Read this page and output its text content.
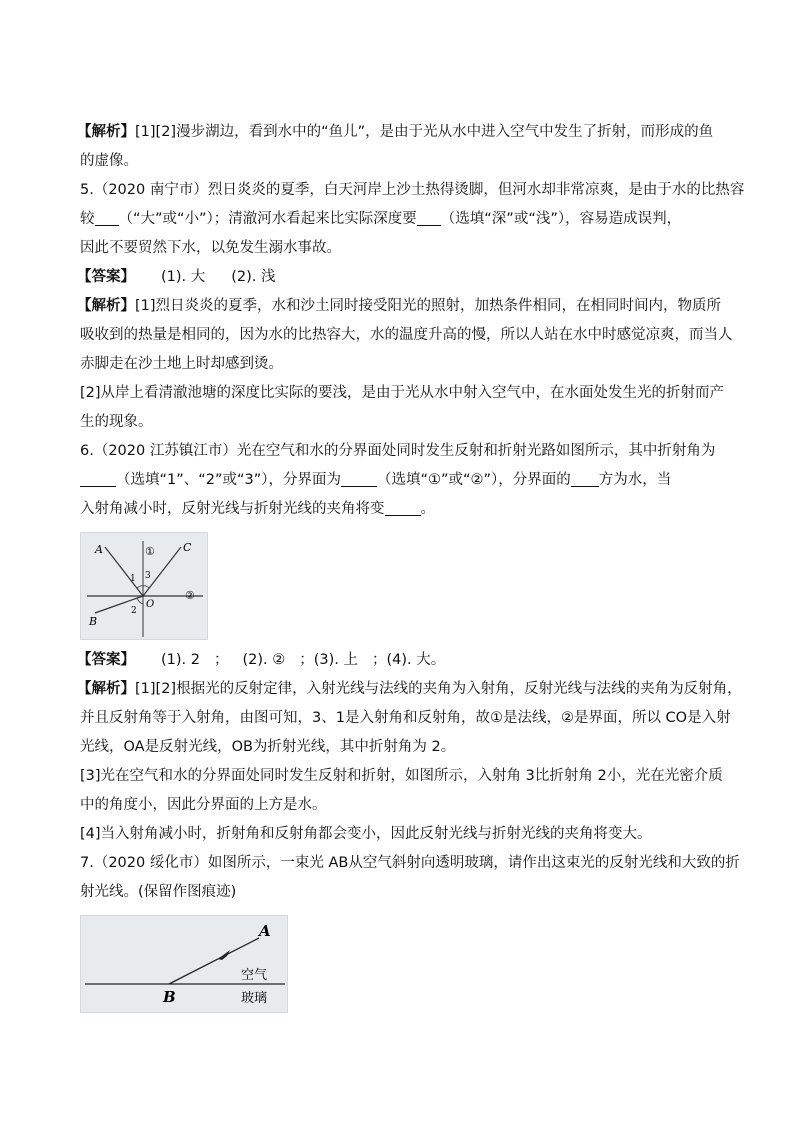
【解析】[1][2]漫步湖边，看到水中的“鱼儿”，是由于光从水中进入空气中发生了折射，而形成的鱼
的虚像。
5.（2020 南宁市）烈日炎炎的夏季，白天河岸上沙土热得烫脚，但河水却非常凉爽，是由于水的比热容
较 （“大”或“小”）；清澈河水看起来比实际深度要 （选填“深”或“浅”），容易造成误判，
因此不要贸然下水，以免发生溺水事故。
【答案】 (1). 大 (2). 浅
【解析】[1]烈日炎炎的夏季，水和沙土同时接受阳光的照射，加热条件相同，在相同时间内，物质所
吸收到的热量是相同的，因为水的比热容大，水的温度升高的慢，所以人站在水中时感觉凉爽，而当人
赤脚走在沙土地上时却感到烫。
[2]从岸上看清澈池塘的深度比实际的要浅，是由于光从水中射入空气中，在水面处发生光的折射而产
生的现象。
6.（2020 江苏镇江市）光在空气和水的分界面处同时发生反射和折射光路如图所示，其中折射角为
（选填“1”、“2”或“3”），分界面为 （选填“①”或“②”），分界面的 方为水，当
入射角减小时，反射光线与折射光线的夹角将变 。
A	C
B
O
1 3
2
①
②
【答案】 (1). 2 ； (2). ② ；(3). 上 ；(4). 大。
【解析】[1][2]根据光的反射定律，入射光线与法线的夹角为入射角，反射光线与法线的夹角为反射角，
并且反射角等于入射角，由图可知，3、1是入射角和反射角，故①是法线，②是界面，所以 CO是入射
光线，OA是反射光线，OB为折射光线，其中折射角为 2。
[3]光在空气和水的分界面处同时发生反射和折射，如图所示，入射角 3比折射角 2小，光在光密介质
中的角度小，因此分界面的上方是水。
[4]当入射角减小时，折射角和反射角都会变小，因此反射光线与折射光线的夹角将变大。
7.（2020 绥化市）如图所示，一束光 AB从空气斜射向透明玻璃，请作出这束光的反射光线和大致的折
射光线。(保留作图痕迹)
A
B
空气
玻璃
